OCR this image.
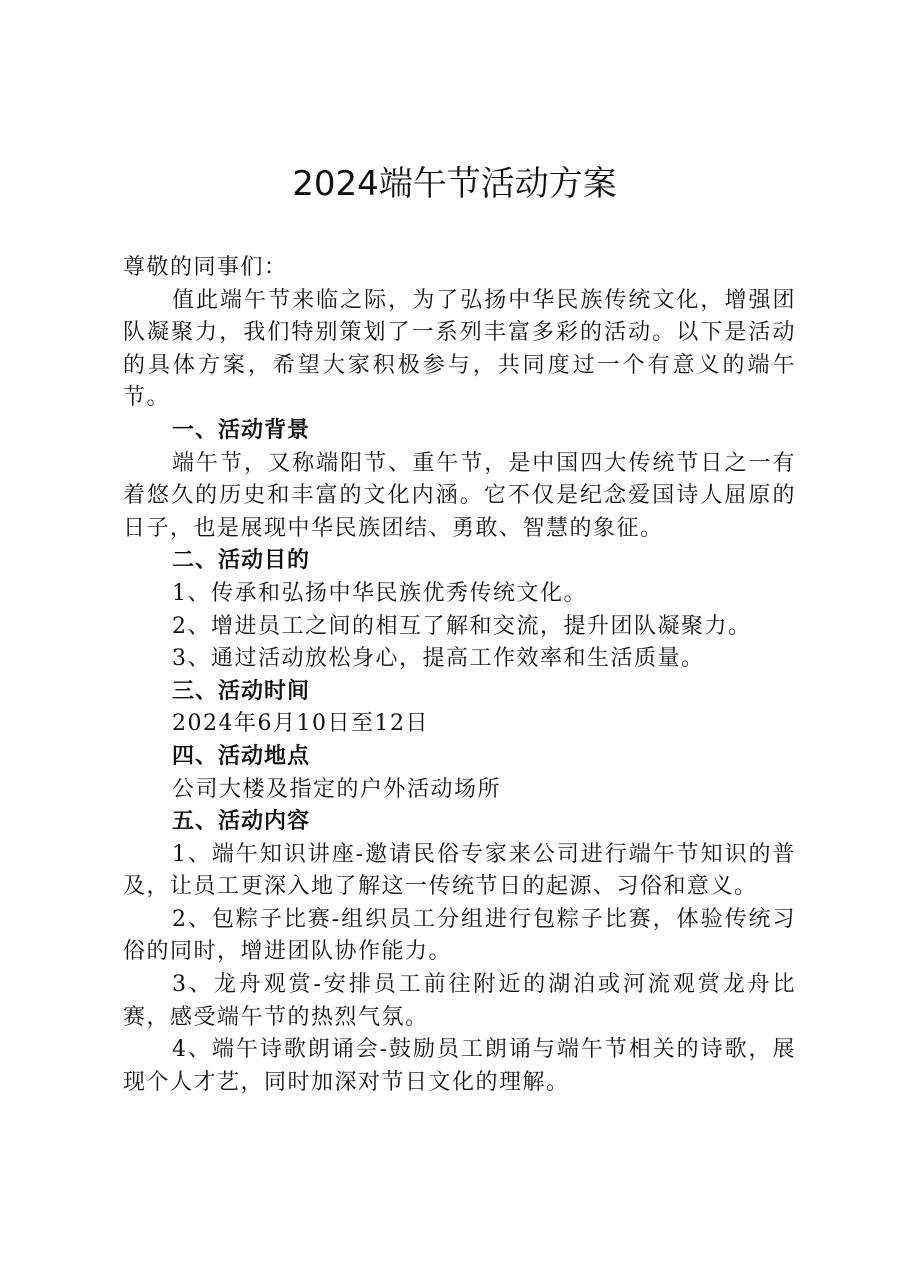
2024端午节活动方案

尊敬的同事们：

值此端午节来临之际，为了弘扬中华民族传统文化，增强团队凝聚力，我们特别策划了一系列丰富多彩的活动。以下是活动的具体方案，希望大家积极参与，共同度过一个有意义的端午节。

一、活动背景

端午节，又称端阳节、重午节，是中国四大传统节日之一有着悠久的历史和丰富的文化内涵。它不仅是纪念爱国诗人屈原的日子，也是展现中华民族团结、勇敢、智慧的象征。

二、活动目的

1、传承和弘扬中华民族优秀传统文化。

2、增进员工之间的相互了解和交流，提升团队凝聚力。

3、通过活动放松身心，提高工作效率和生活质量。

三、活动时间

2024年6月10日至12日

四、活动地点

公司大楼及指定的户外活动场所

五、活动内容

1、端午知识讲座-邀请民俗专家来公司进行端午节知识的普及，让员工更深入地了解这一传统节日的起源、习俗和意义。

2、包粽子比赛-组织员工分组进行包粽子比赛，体验传统习俗的同时，增进团队协作能力。

3、龙舟观赏-安排员工前往附近的湖泊或河流观赏龙舟比赛，感受端午节的热烈气氛。

4、端午诗歌朗诵会-鼓励员工朗诵与端午节相关的诗歌，展现个人才艺，同时加深对节日文化的理解。
